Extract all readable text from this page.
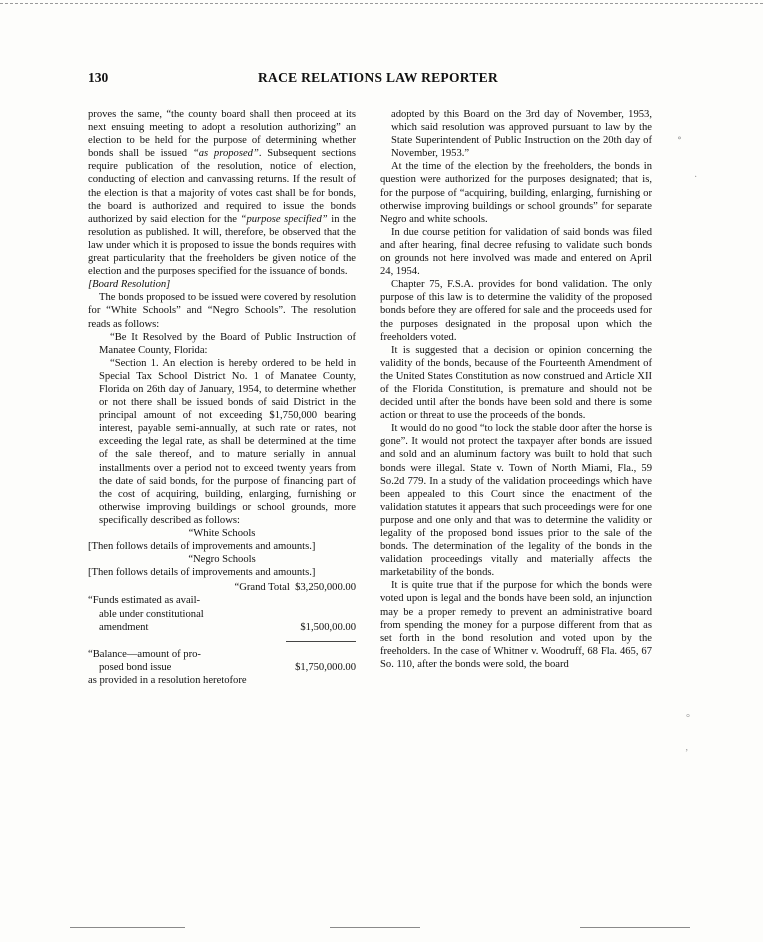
130	RACE RELATIONS LAW REPORTER

proves the same, “the county board shall then proceed at its next ensuing meeting to adopt a resolution authorizing” an election to be held for the purpose of determining whether bonds shall be issued “as proposed”. Subsequent sections require publication of the resolution, notice of election, conducting of election and canvassing returns. If the result of the election is that a majority of votes cast shall be for bonds, the board is authorized and required to issue the bonds authorized by said election for the “purpose specified” in the resolution as published. It will, therefore, be observed that the law under which it is proposed to issue the bonds requires with great particularity that the freeholders be given notice of the election and the purposes specified for the issuance of bonds.

[Board Resolution]

The bonds proposed to be issued were covered by resolution for “White Schools” and “Negro Schools”. The resolution reads as follows:

“Be It Resolved by the Board of Public Instruction of Manatee County, Florida:

“Section 1. An election is hereby ordered to be held in Special Tax School District No. 1 of Manatee County, Florida on 26th day of January, 1954, to determine whether or not there shall be issued bonds of said District in the principal amount of not exceeding $1,750,000 bearing interest, payable semi-annually, at such rate or rates, not exceeding the legal rate, as shall be determined at the time of the sale thereof, and to mature serially in annual installments over a period not to exceed twenty years from the date of said bonds, for the purpose of financing part of the cost of acquiring, building, enlarging, furnishing or otherwise improving buildings or school grounds, more specifically described as follows:

“White Schools

[Then follows details of improvements and amounts.]

“Negro Schools

[Then follows details of improvements and amounts.]

“Grand Total $3,250,000.00

“Funds estimated as avail-

able under constitutional

amendment	$1,500,00.00

“Balance—amount of pro-

posed bond issue	$1,750,000.00

as provided in a resolution heretofore

adopted by this Board on the 3rd day of November, 1953, which said resolution was approved pursuant to law by the State Superintendent of Public Instruction on the 20th day of November, 1953.”

At the time of the election by the freeholders, the bonds in question were authorized for the purposes designated; that is, for the purpose of “acquiring, building, enlarging, furnishing or otherwise improving buildings or school grounds” for separate Negro and white schools.

In due course petition for validation of said bonds was filed and after hearing, final decree refusing to validate such bonds on grounds not here involved was made and entered on April 24, 1954.

Chapter 75, F.S.A. provides for bond validation. The only purpose of this law is to determine the validity of the proposed bonds before they are offered for sale and the proceeds used for the purposes designated in the proposal upon which the freeholders voted.

It is suggested that a decision or opinion concerning the validity of the bonds, because of the Fourteenth Amendment of the United States Constitution as now construed and Article XII of the Florida Constitution, is premature and should not be decided until after the bonds have been sold and there is some action or threat to use the proceeds of the bonds.

It would do no good “to lock the stable door after the horse is gone”. It would not protect the taxpayer after bonds are issued and sold and an aluminum factory was built to hold that such bonds were illegal. State v. Town of North Miami, Fla., 59 So.2d 779. In a study of the validation proceedings which have been appealed to this Court since the enactment of the validation statutes it appears that such proceedings were for one purpose and one only and that was to determine the validity or legality of the proposed bond issues prior to the sale of the bonds. The determination of the legality of the bonds in the validation proceedings vitally and materially affects the marketability of the bonds.

It is quite true that if the purpose for which the bonds were voted upon is legal and the bonds have been sold, an injunction may be a proper remedy to prevent an administrative board from spending the money for a purpose different from that as set forth in the bond resolution and voted upon by the freeholders. In the case of Whitner v. Woodruff, 68 Fla. 465, 67 So. 110, after the bonds were sold, the board

∘
·
°
’
